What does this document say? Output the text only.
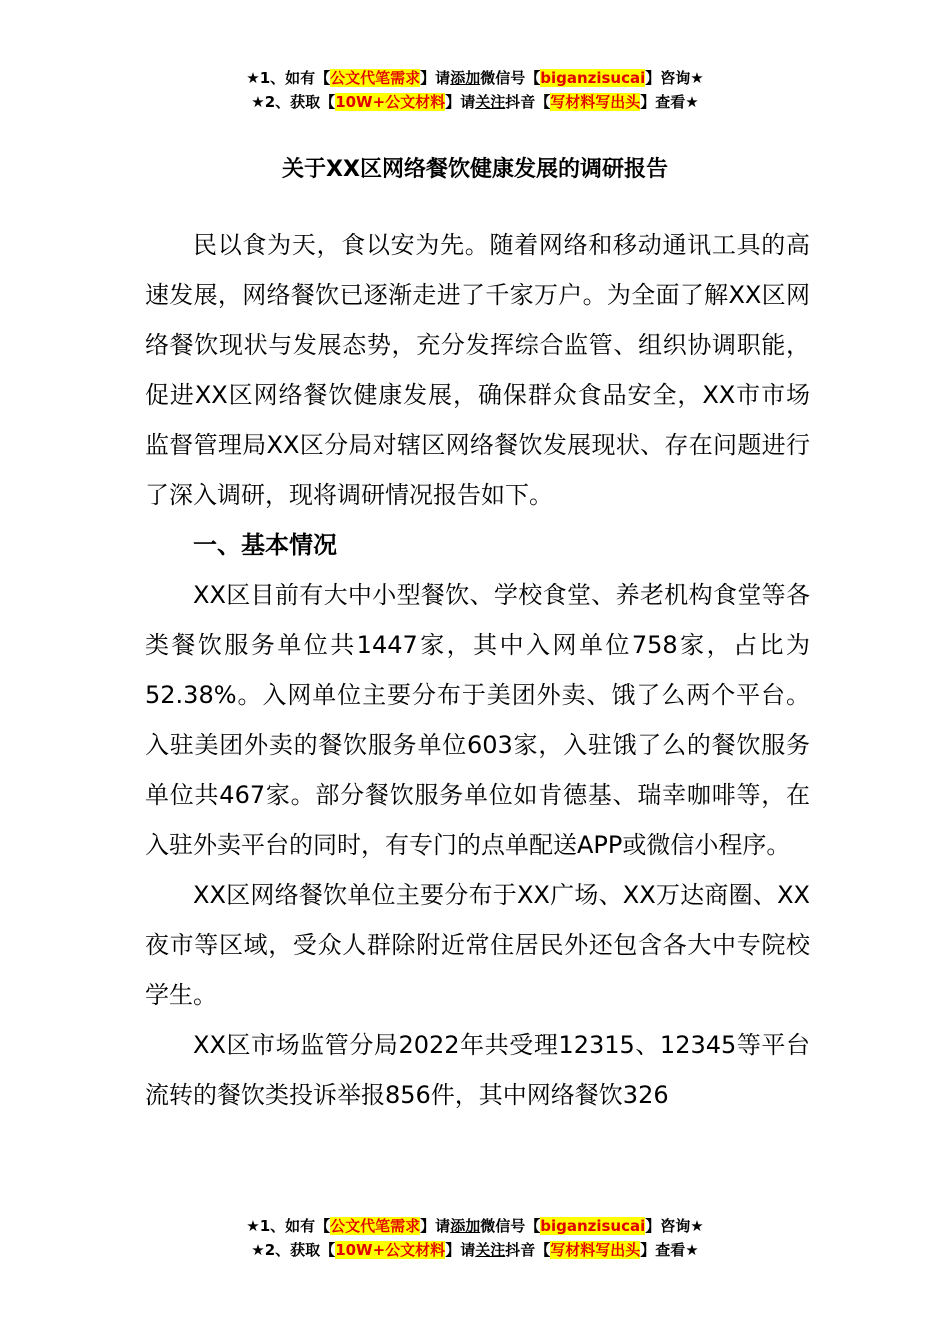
★1、如有【公文代笔需求】请添加微信号【biganzisucai】咨询★
★2、获取【10W+公文材料】请关注抖音【写材料写出头】查看★
关于XX区网络餐饮健康发展的调研报告

民以食为天，食以安为先。随着网络和移动通讯工具的高速发展，网络餐饮已逐渐走进了千家万户。为全面了解XX区网络餐饮现状与发展态势，充分发挥综合监管、组织协调职能，促进XX区网络餐饮健康发展，确保群众食品安全，XX市市场监督管理局XX区分局对辖区网络餐饮发展现状、存在问题进行了深入调研，现将调研情况报告如下。

一、基本情况

XX区目前有大中小型餐饮、学校食堂、养老机构食堂等各类餐饮服务单位共1447家，其中入网单位758家，占比为52.38%。入网单位主要分布于美团外卖、饿了么两个平台。入驻美团外卖的餐饮服务单位603家，入驻饿了么的餐饮服务单位共467家。部分餐饮服务单位如肯德基、瑞幸咖啡等，在入驻外卖平台的同时，有专门的点单配送APP或微信小程序。

XX区网络餐饮单位主要分布于XX广场、XX万达商圈、XX夜市等区域，受众人群除附近常住居民外还包含各大中专院校学生。

XX区市场监管分局2022年共受理12315、12345等平台流转的餐饮类投诉举报856件，其中网络餐饮326

★1、如有【公文代笔需求】请添加微信号【biganzisucai】咨询★
★2、获取【10W+公文材料】请关注抖音【写材料写出头】查看★
